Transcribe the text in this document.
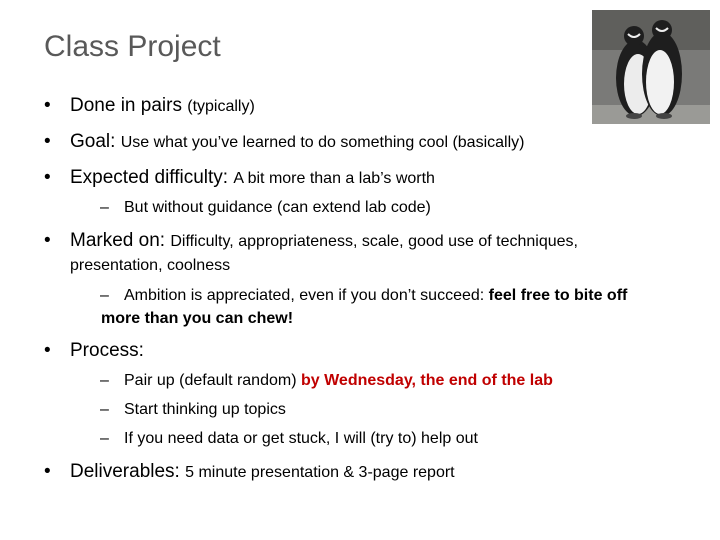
Class Project
• Done in pairs (typically)
• Goal: Use what you’ve learned to do something cool (basically)
• Expected difficulty: A bit more than a lab’s worth
– But without guidance (can extend lab code)
• Marked on: Difficulty, appropriateness, scale, good use of techniques,
presentation, coolness
– Ambition is appreciated, even if you don’t succeed: feel free to bite off
more than you can chew!
• Process:
– Pair up (default random) by Wednesday, the end of the lab
– Start thinking up topics
– If you need data or get stuck, I will (try to) help out
• Deliverables: 5 minute presentation & 3-page report
